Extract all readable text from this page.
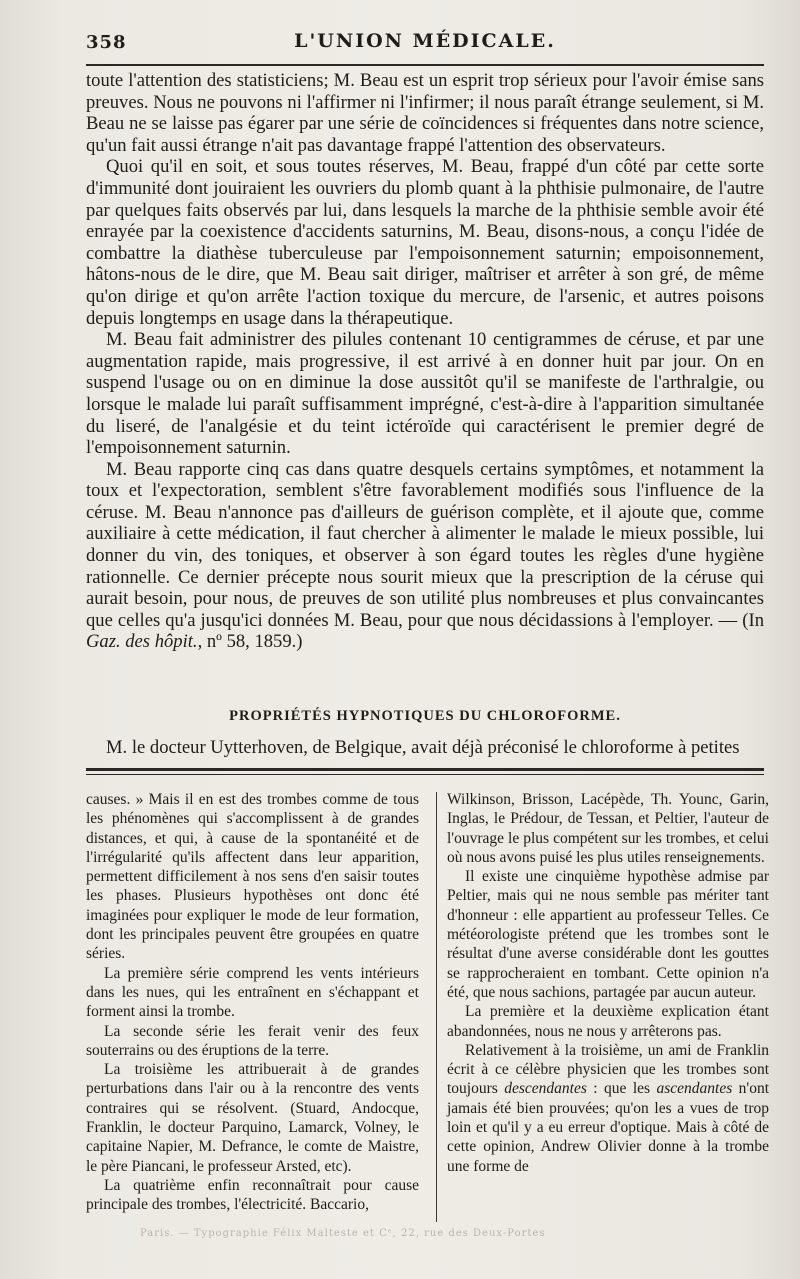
358	L'UNION MÉDICALE.

toute l'attention des statisticiens; M. Beau est un esprit trop sérieux pour l'avoir émise sans preuves. Nous ne pouvons ni l'affirmer ni l'infirmer; il nous paraît étrange seulement, si M. Beau ne se laisse pas égarer par une série de coïncidences si fréquentes dans notre science, qu'un fait aussi étrange n'ait pas davantage frappé l'attention des observateurs.

Quoi qu'il en soit, et sous toutes réserves, M. Beau, frappé d'un côté par cette sorte d'immunité dont jouiraient les ouvriers du plomb quant à la phthisie pulmonaire, de l'autre par quelques faits observés par lui, dans lesquels la marche de la phthisie semble avoir été enrayée par la coexistence d'accidents saturnins, M. Beau, disons-nous, a conçu l'idée de combattre la diathèse tuberculeuse par l'empoisonnement saturnin; empoisonnement, hâtons-nous de le dire, que M. Beau sait diriger, maîtriser et arrêter à son gré, de même qu'on dirige et qu'on arrête l'action toxique du mercure, de l'arsenic, et autres poisons depuis longtemps en usage dans la thérapeutique.

M. Beau fait administrer des pilules contenant 10 centigrammes de céruse, et par une augmentation rapide, mais progressive, il est arrivé à en donner huit par jour. On en suspend l'usage ou on en diminue la dose aussitôt qu'il se manifeste de l'arthralgie, ou lorsque le malade lui paraît suffisamment imprégné, c'est-à-dire à l'apparition simultanée du liseré, de l'analgésie et du teint ictéroïde qui caractérisent le premier degré de l'empoisonnement saturnin.

M. Beau rapporte cinq cas dans quatre desquels certains symptômes, et notamment la toux et l'expectoration, semblent s'être favorablement modifiés sous l'influence de la céruse. M. Beau n'annonce pas d'ailleurs de guérison complète, et il ajoute que, comme auxiliaire à cette médication, il faut chercher à alimenter le malade le mieux possible, lui donner du vin, des toniques, et observer à son égard toutes les règles d'une hygiène rationnelle. Ce dernier précepte nous sourit mieux que la prescription de la céruse qui aurait besoin, pour nous, de preuves de son utilité plus nombreuses et plus convaincantes que celles qu'a jusqu'ici données M. Beau, pour que nous décidassions à l'employer. — (In Gaz. des hôpit., nº 58, 1859.)

PROPRIÉTÉS HYPNOTIQUES DU CHLOROFORME.
M. le docteur Uytterhoven, de Belgique, avait déjà préconisé le chloroforme à petites

causes. » Mais il en est des trombes comme de tous les phénomènes qui s'accomplissent à de grandes distances, et qui, à cause de la spontanéité et de l'irrégularité qu'ils affectent dans leur apparition, permettent difficilement à nos sens d'en saisir toutes les phases. Plusieurs hypothèses ont donc été imaginées pour expliquer le mode de leur formation, dont les principales peuvent être groupées en quatre séries.

La première série comprend les vents intérieurs dans les nues, qui les entraînent en s'échappant et forment ainsi la trombe.

La seconde série les ferait venir des feux souterrains ou des éruptions de la terre.

La troisième les attribuerait à de grandes perturbations dans l'air ou à la rencontre des vents contraires qui se résolvent. (Stuard, Andocque, Franklin, le docteur Parquino, Lamarck, Volney, le capitaine Napier, M. Defrance, le comte de Maistre, le père Piancani, le professeur Arsted, etc).

La quatrième enfin reconnaîtrait pour cause principale des trombes, l'électricité. Baccario,

Wilkinson, Brisson, Lacépède, Th. Younc, Garin, Inglas, le Prédour, de Tessan, et Peltier, l'auteur de l'ouvrage le plus compétent sur les trombes, et celui où nous avons puisé les plus utiles renseignements.

Il existe une cinquième hypothèse admise par Peltier, mais qui ne nous semble pas mériter tant d'honneur : elle appartient au professeur Telles. Ce météorologiste prétend que les trombes sont le résultat d'une averse considérable dont les gouttes se rapprocheraient en tombant. Cette opinion n'a été, que nous sachions, partagée par aucun auteur.

La première et la deuxième explication étant abandonnées, nous ne nous y arrêterons pas.

Relativement à la troisième, un ami de Franklin écrit à ce célèbre physicien que les trombes sont toujours descendantes : que les ascendantes n'ont jamais été bien prouvées; qu'on les a vues de trop loin et qu'il y a eu erreur d'optique. Mais à côté de cette opinion, Andrew Olivier donne à la trombe une forme de

Paris. — Typographie Félix Malteste et Cᵉ, 22, rue des Deux-Portes
